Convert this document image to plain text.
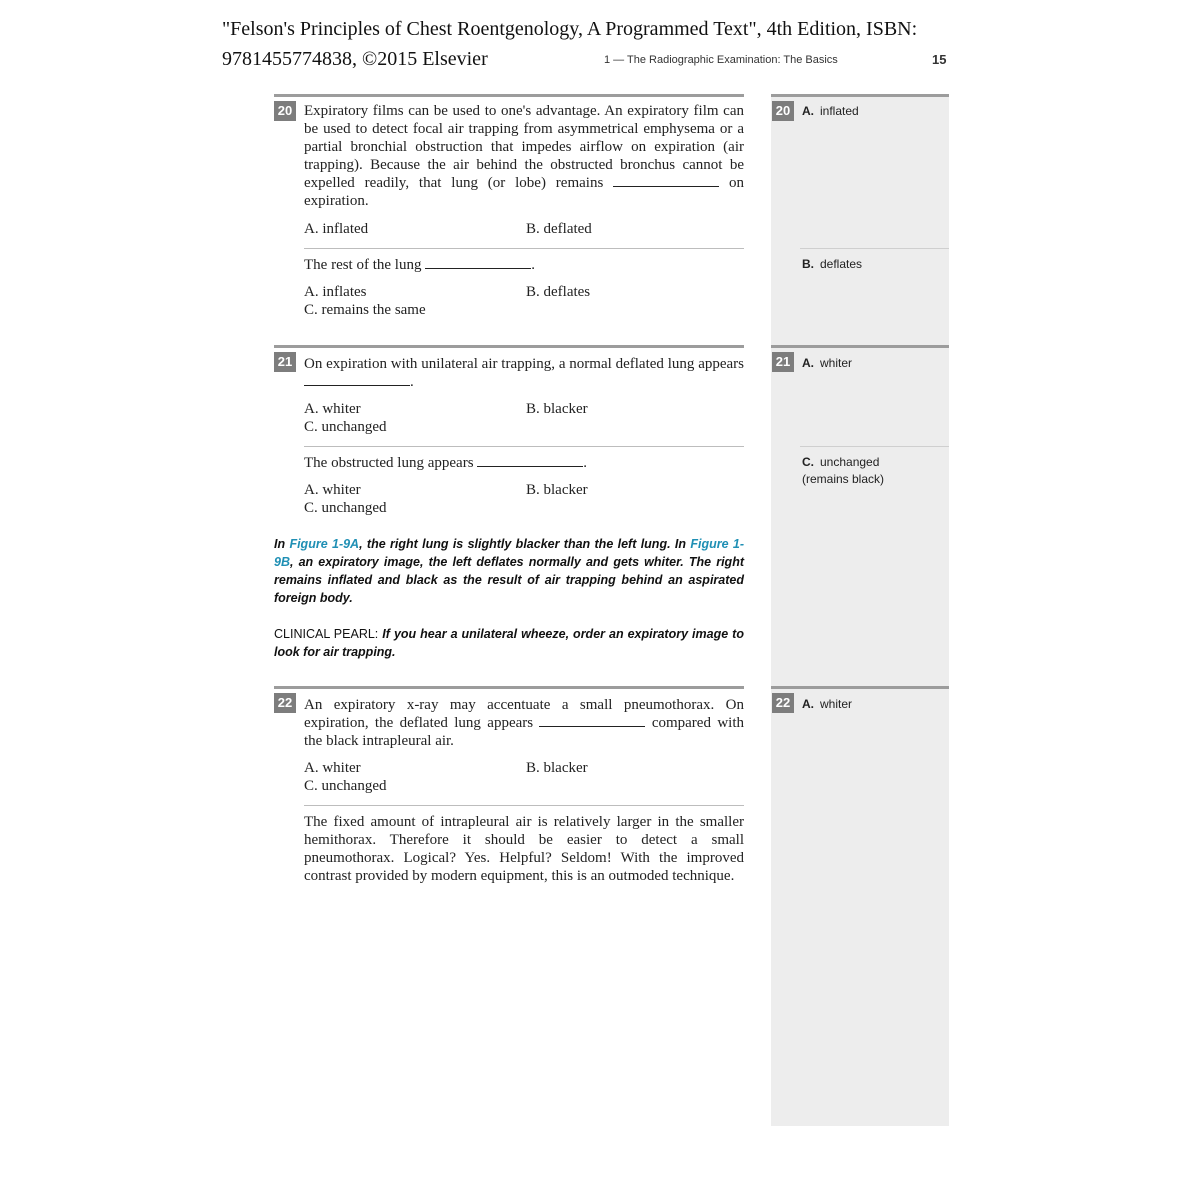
"Felson's Principles of Chest Roentgenology, A Programmed Text", 4th Edition, ISBN: 9781455774838, ©2015 Elsevier	1 — The Radiographic Examination: The Basics	15
20 Expiratory films can be used to one's advantage. An expiratory film can be used to detect focal air trapping from asymmetrical emphysema or a partial bronchial obstruction that impedes airflow on expiration (air trapping). Because the air behind the obstructed bronchus cannot be expelled readily, that lung (or lobe) remains	on expiration.
A. inflated	B. deflated
The rest of the lung	.
A. inflates	B. deflates
C. remains the same
20 A. inflated
B. deflates
21 On expiration with unilateral air trapping, a normal deflated lung appears .
A. whiter	B. blacker
C. unchanged
The obstructed lung appears	.
A. whiter	B. blacker
C. unchanged
In Figure 1-9A, the right lung is slightly blacker than the left lung. In Figure 1-9B, an expiratory image, the left deflates normally and gets whiter. The right remains inflated and black as the result of air trapping behind an aspirated foreign body.
CLINICAL PEARL: If you hear a unilateral wheeze, order an expiratory image to look for air trapping.
21 A. whiter
C. unchanged
(remains black)
22 An expiratory x-ray may accentuate a small pneumothorax. On expiration, the deflated lung appears	compared with the black intrapleural air.
A. whiter	B. blacker
C. unchanged
The fixed amount of intrapleural air is relatively larger in the smaller hemithorax. Therefore it should be easier to detect a small pneumothorax. Logical? Yes. Helpful? Seldom! With the improved contrast provided by modern equipment, this is an outmoded technique.
22 A. whiter
